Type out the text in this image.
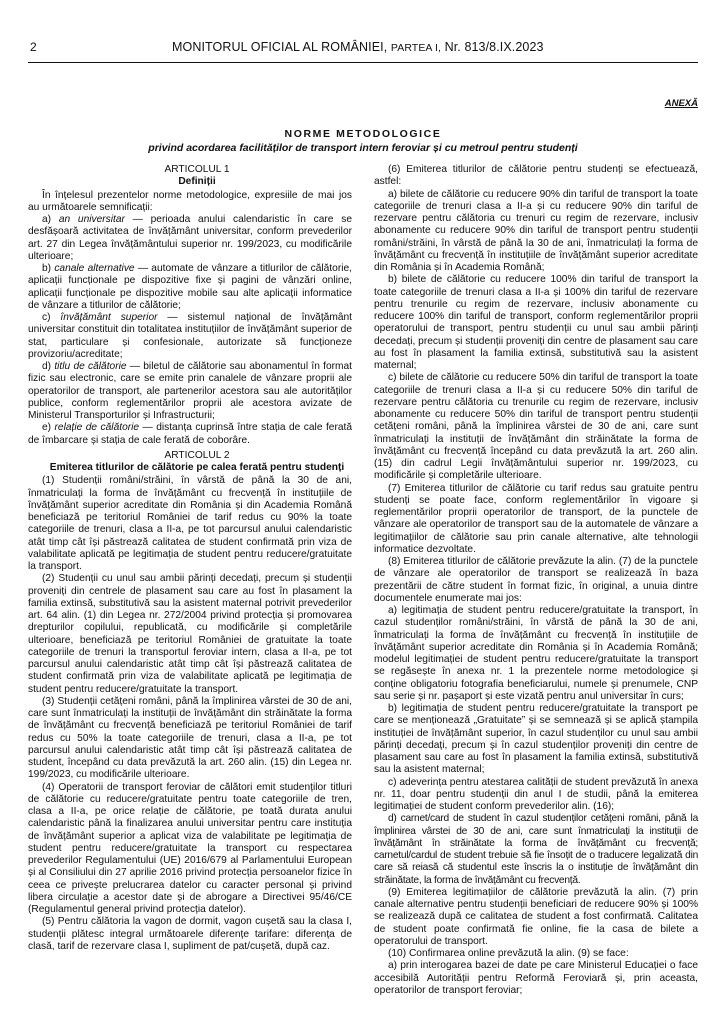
2	MONITORUL OFICIAL AL ROMÂNIEI, PARTEA I, Nr. 813/8.IX.2023
ANEXĂ
NORME METODOLOGICE
privind acordarea facilităților de transport intern feroviar și cu metroul pentru studenți

ARTICOLUL 1

Definiții

În înțelesul prezentelor norme metodologice, expresiile de mai jos au următoarele semnificații:

a) an universitar — perioada anului calendaristic în care se desfășoară activitatea de învățământ universitar, conform prevederilor art. 27 din Legea învățământului superior nr. 199/2023, cu modificările ulterioare;

b) canale alternative — automate de vânzare a titlurilor de călătorie, aplicații funcționale pe dispozitive fixe și pagini de vânzări online, aplicații funcționale pe dispozitive mobile sau alte aplicații informatice de vânzare a titlurilor de călătorie;

c) învățământ superior — sistemul național de învățământ universitar constituit din totalitatea instituțiilor de învățământ superior de stat, particulare și confesionale, autorizate să funcționeze provizoriu/acreditate;

d) titlu de călătorie — biletul de călătorie sau abonamentul în format fizic sau electronic, care se emite prin canalele de vânzare proprii ale operatorilor de transport, ale partenerilor acestora sau ale autorităților publice, conform reglementărilor proprii ale acestora avizate de Ministerul Transporturilor și Infrastructurii;

e) relație de călătorie — distanța cuprinsă între stația de cale ferată de îmbarcare și stația de cale ferată de coborâre.

ARTICOLUL 2

Emiterea titlurilor de călătorie pe calea ferată pentru studenți

(1) Studenții români/străini, în vârstă de până la 30 de ani, înmatriculați la forma de învățământ cu frecvență în instituțiile de învățământ superior acreditate din România și din Academia Română beneficiază pe teritoriul României de tarif redus cu 90% la toate categoriile de trenuri, clasa a II-a, pe tot parcursul anului calendaristic atât timp cât își păstrează calitatea de student confirmată prin viza de valabilitate aplicată pe legitimația de student pentru reducere/gratuitate la transport.

(2) Studenții cu unul sau ambii părinți decedați, precum și studenții proveniți din centrele de plasament sau care au fost în plasament la familia extinsă, substitutivă sau la asistent maternal potrivit prevederilor art. 64 alin. (1) din Legea nr. 272/2004 privind protecția și promovarea drepturilor copilului, republicată, cu modificările și completările ulterioare, beneficiază pe teritoriul României de gratuitate la toate categoriile de trenuri la transportul feroviar intern, clasa a II-a, pe tot parcursul anului calendaristic atât timp cât își păstrează calitatea de student confirmată prin viza de valabilitate aplicată pe legitimația de student pentru reducere/gratuitate la transport.

(3) Studenții cetățeni români, până la împlinirea vârstei de 30 de ani, care sunt înmatriculați la instituții de învățământ din străinătate la forma de învățământ cu frecvență beneficiază pe teritoriul României de tarif redus cu 50% la toate categoriile de trenuri, clasa a II-a, pe tot parcursul anului calendaristic atât timp cât își păstrează calitatea de student, începând cu data prevăzută la art. 260 alin. (15) din Legea nr. 199/2023, cu modificările ulterioare.

(4) Operatorii de transport feroviar de călători emit studenților titluri de călătorie cu reducere/gratuitate pentru toate categoriile de tren, clasa a II-a, pe orice relație de călătorie, pe toată durata anului calendaristic până la finalizarea anului universitar pentru care instituția de învățământ superior a aplicat viza de valabilitate pe legitimația de student pentru reducere/gratuitate la transport cu respectarea prevederilor Regulamentului (UE) 2016/679 al Parlamentului European și al Consiliului din 27 aprilie 2016 privind protecția persoanelor fizice în ceea ce privește prelucrarea datelor cu caracter personal și privind libera circulație a acestor date și de abrogare a Directivei 95/46/CE (Regulamentul general privind protecția datelor).

(5) Pentru călătoria la vagon de dormit, vagon cușetă sau la clasa I, studenții plătesc integral următoarele diferențe tarifare: diferența de clasă, tarif de rezervare clasa I, supliment de pat/cușetă, după caz.

(6) Emiterea titlurilor de călătorie pentru studenți se efectuează, astfel:

a) bilete de călătorie cu reducere 90% din tariful de transport la toate categoriile de trenuri clasa a II-a și cu reducere 90% din tariful de rezervare pentru călătoria cu trenuri cu regim de rezervare, inclusiv abonamente cu reducere 90% din tariful de transport pentru studenții români/străini, în vârstă de până la 30 de ani, înmatriculați la forma de învățământ cu frecvență în instituțiile de învățământ superior acreditate din România și în Academia Română;

b) bilete de călătorie cu reducere 100% din tariful de transport la toate categoriile de trenuri clasa a II-a și 100% din tariful de rezervare pentru trenurile cu regim de rezervare, inclusiv abonamente cu reducere 100% din tariful de transport, conform reglementărilor proprii operatorului de transport, pentru studenții cu unul sau ambii părinți decedați, precum și studenții proveniți din centre de plasament sau care au fost în plasament la familia extinsă, substitutivă sau la asistent maternal;

c) bilete de călătorie cu reducere 50% din tariful de transport la toate categoriile de trenuri clasa a II-a și cu reducere 50% din tariful de rezervare pentru călătoria cu trenurile cu regim de rezervare, inclusiv abonamente cu reducere 50% din tariful de transport pentru studenții cetățeni români, până la împlinirea vârstei de 30 de ani, care sunt înmatriculați la instituții de învățământ din străinătate la forma de învățământ cu frecvență începând cu data prevăzută la art. 260 alin. (15) din cadrul Legii învățământului superior nr. 199/2023, cu modificările și completările ulterioare.

(7) Emiterea titlurilor de călătorie cu tarif redus sau gratuite pentru studenți se poate face, conform reglementărilor în vigoare și reglementărilor proprii operatorilor de transport, de la punctele de vânzare ale operatorilor de transport sau de la automatele de vânzare a legitimațiilor de călătorie sau prin canale alternative, alte tehnologii informatice dezvoltate.

(8) Emiterea titlurilor de călătorie prevăzute la alin. (7) de la punctele de vânzare ale operatorilor de transport se realizează în baza prezentării de către student în format fizic, în original, a unuia dintre documentele enumerate mai jos:

a) legitimația de student pentru reducere/gratuitate la transport, în cazul studenților români/străini, în vârstă de până la 30 de ani, înmatriculați la forma de învățământ cu frecvență în instituțiile de învățământ superior acreditate din România și în Academia Română; modelul legitimației de student pentru reducere/gratuitate la transport se regăsește în anexa nr. 1 la prezentele norme metodologice și conține obligatoriu fotografia beneficiarului, numele și prenumele, CNP sau serie și nr. pașaport și este vizată pentru anul universitar în curs;

b) legitimația de student pentru reducere/gratuitate la transport pe care se menționează „Gratuitate” și se semnează și se aplică ștampila instituției de învățământ superior, în cazul studenților cu unul sau ambii părinți decedați, precum și în cazul studenților proveniți din centre de plasament sau care au fost în plasament la familia extinsă, substitutivă sau la asistent maternal;

c) adeverința pentru atestarea calității de student prevăzută în anexa nr. 11, doar pentru studenții din anul I de studii, până la emiterea legitimației de student conform prevederilor alin. (16);

d) carnet/card de student în cazul studenților cetățeni români, până la împlinirea vârstei de 30 de ani, care sunt înmatriculați la instituții de învățământ în străinătate la forma de învățământ cu frecvență; carnetul/cardul de student trebuie să fie însoțit de o traducere legalizată din care să reiasă că studentul este înscris la o instituție de învățământ din străinătate, la forma de învățământ cu frecvență.

(9) Emiterea legitimațiilor de călătorie prevăzută la alin. (7) prin canale alternative pentru studenții beneficiari de reducere 90% și 100% se realizează după ce calitatea de student a fost confirmată. Calitatea de student poate confirmată fie online, fie la casa de bilete a operatorului de transport.

(10) Confirmarea online prevăzută la alin. (9) se face:

a) prin interogarea bazei de date pe care Ministerul Educației o face accesibilă Autorității pentru Reformă Feroviară și, prin aceasta, operatorilor de transport feroviar;
